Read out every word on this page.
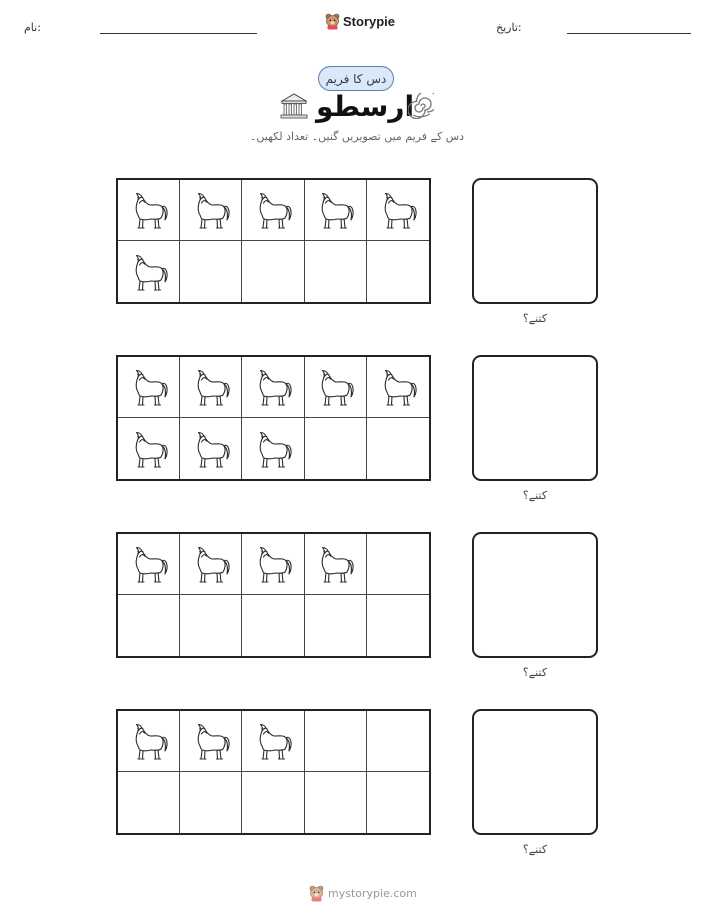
تاریخ:
Storypie
نام:
دس کا فریم
ارسطو
دس کے فریم میں تصویریں گنیں۔ تعداد لکھیں۔
کتنے؟
کتنے؟
کتنے؟
کتنے؟
mystorypie.com
